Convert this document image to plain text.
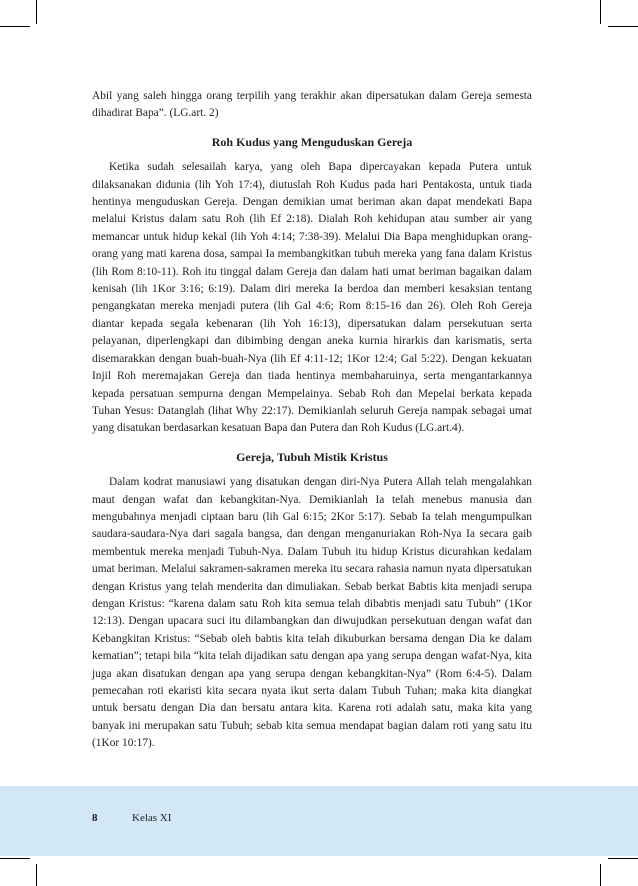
Abil yang saleh hingga orang terpilih yang terakhir akan dipersatukan dalam Gereja semesta dihadirat Bapa”. (LG.art. 2)

Roh Kudus yang Menguduskan Gereja

Ketika sudah selesailah karya, yang oleh Bapa dipercayakan kepada Putera untuk dilaksanakan didunia (lih Yoh 17:4), diutuslah Roh Kudus pada hari Pentakosta, untuk tiada hentinya menguduskan Gereja. Dengan demikian umat beriman akan dapat mendekati Bapa melalui Kristus dalam satu Roh (lih Ef 2:18). Dialah Roh kehidupan atau sumber air yang memancar untuk hidup kekal (lih Yoh 4:14; 7:38-39). Melalui Dia Bapa menghidupkan orang-orang yang mati karena dosa, sampai Ia membangkitkan tubuh mereka yang fana dalam Kristus (lih Rom 8:10-11). Roh itu tinggal dalam Gereja dan dalam hati umat beriman bagaikan dalam kenisah (lih 1Kor 3:16; 6:19). Dalam diri mereka Ia berdoa dan memberi kesaksian tentang pengangkatan mereka menjadi putera (lih Gal 4:6; Rom 8:15-16 dan 26). Oleh Roh Gereja diantar kepada segala kebenaran (lih Yoh 16:13), dipersatukan dalam persekutuan serta pelayanan, diperlengkapi dan dibimbing dengan aneka kurnia hirarkis dan karismatis, serta disemarakkan dengan buah-buah-Nya (lih Ef 4:11-12; 1Kor 12:4; Gal 5:22). Dengan kekuatan Injil Roh meremajakan Gereja dan tiada hentinya membaharuinya, serta mengantarkannya kepada persatuan sempurna dengan Mempelainya. Sebab Roh dan Mepelai berkata kepada Tuhan Yesus: Datanglah (lihat Why 22:17). Demikianlah seluruh Gereja nampak sebagai umat yang disatukan berdasarkan kesatuan Bapa dan Putera dan Roh Kudus (LG.art.4).

Gereja, Tubuh Mistik Kristus

Dalam kodrat manusiawi yang disatukan dengan diri-Nya Putera Allah telah mengalahkan maut dengan wafat dan kebangkitan-Nya. Demikianlah Ia telah menebus manusia dan mengubahnya menjadi ciptaan baru (lih Gal 6:15; 2Kor 5:17). Sebab Ia telah mengumpulkan saudara-saudara-Nya dari sagala bangsa, dan dengan menganuriakan Roh-Nya Ia secara gaib membentuk mereka menjadi Tubuh-Nya. Dalam Tubuh itu hidup Kristus dicurahkan kedalam umat beriman. Melalui sakramen-sakramen mereka itu secara rahasia namun nyata dipersatukan dengan Kristus yang telah menderita dan dimuliakan. Sebab berkat Babtis kita menjadi serupa dengan Kristus: “karena dalam satu Roh kita semua telah dibabtis menjadi satu Tubuh” (1Kor 12:13). Dengan upacara suci itu dilambangkan dan diwujudkan persekutuan dengan wafat dan Kebangkitan Kristus: “Sebab oleh babtis kita telah dikuburkan bersama dengan Dia ke dalam kematian”; tetapi bila “kita telah dijadikan satu dengan apa yang serupa dengan wafat-Nya, kita juga akan disatukan dengan apa yang serupa dengan kebangkitan-Nya” (Rom 6:4-5). Dalam pemecahan roti ekaristi kita secara nyata ikut serta dalam Tubuh Tuhan; maka kita diangkat untuk bersatu dengan Dia dan bersatu antara kita. Karena roti adalah satu, maka kita yang banyak ini merupakan satu Tubuh; sebab kita semua mendapat bagian dalam roti yang satu itu (1Kor 10:17).

8	Kelas XI
